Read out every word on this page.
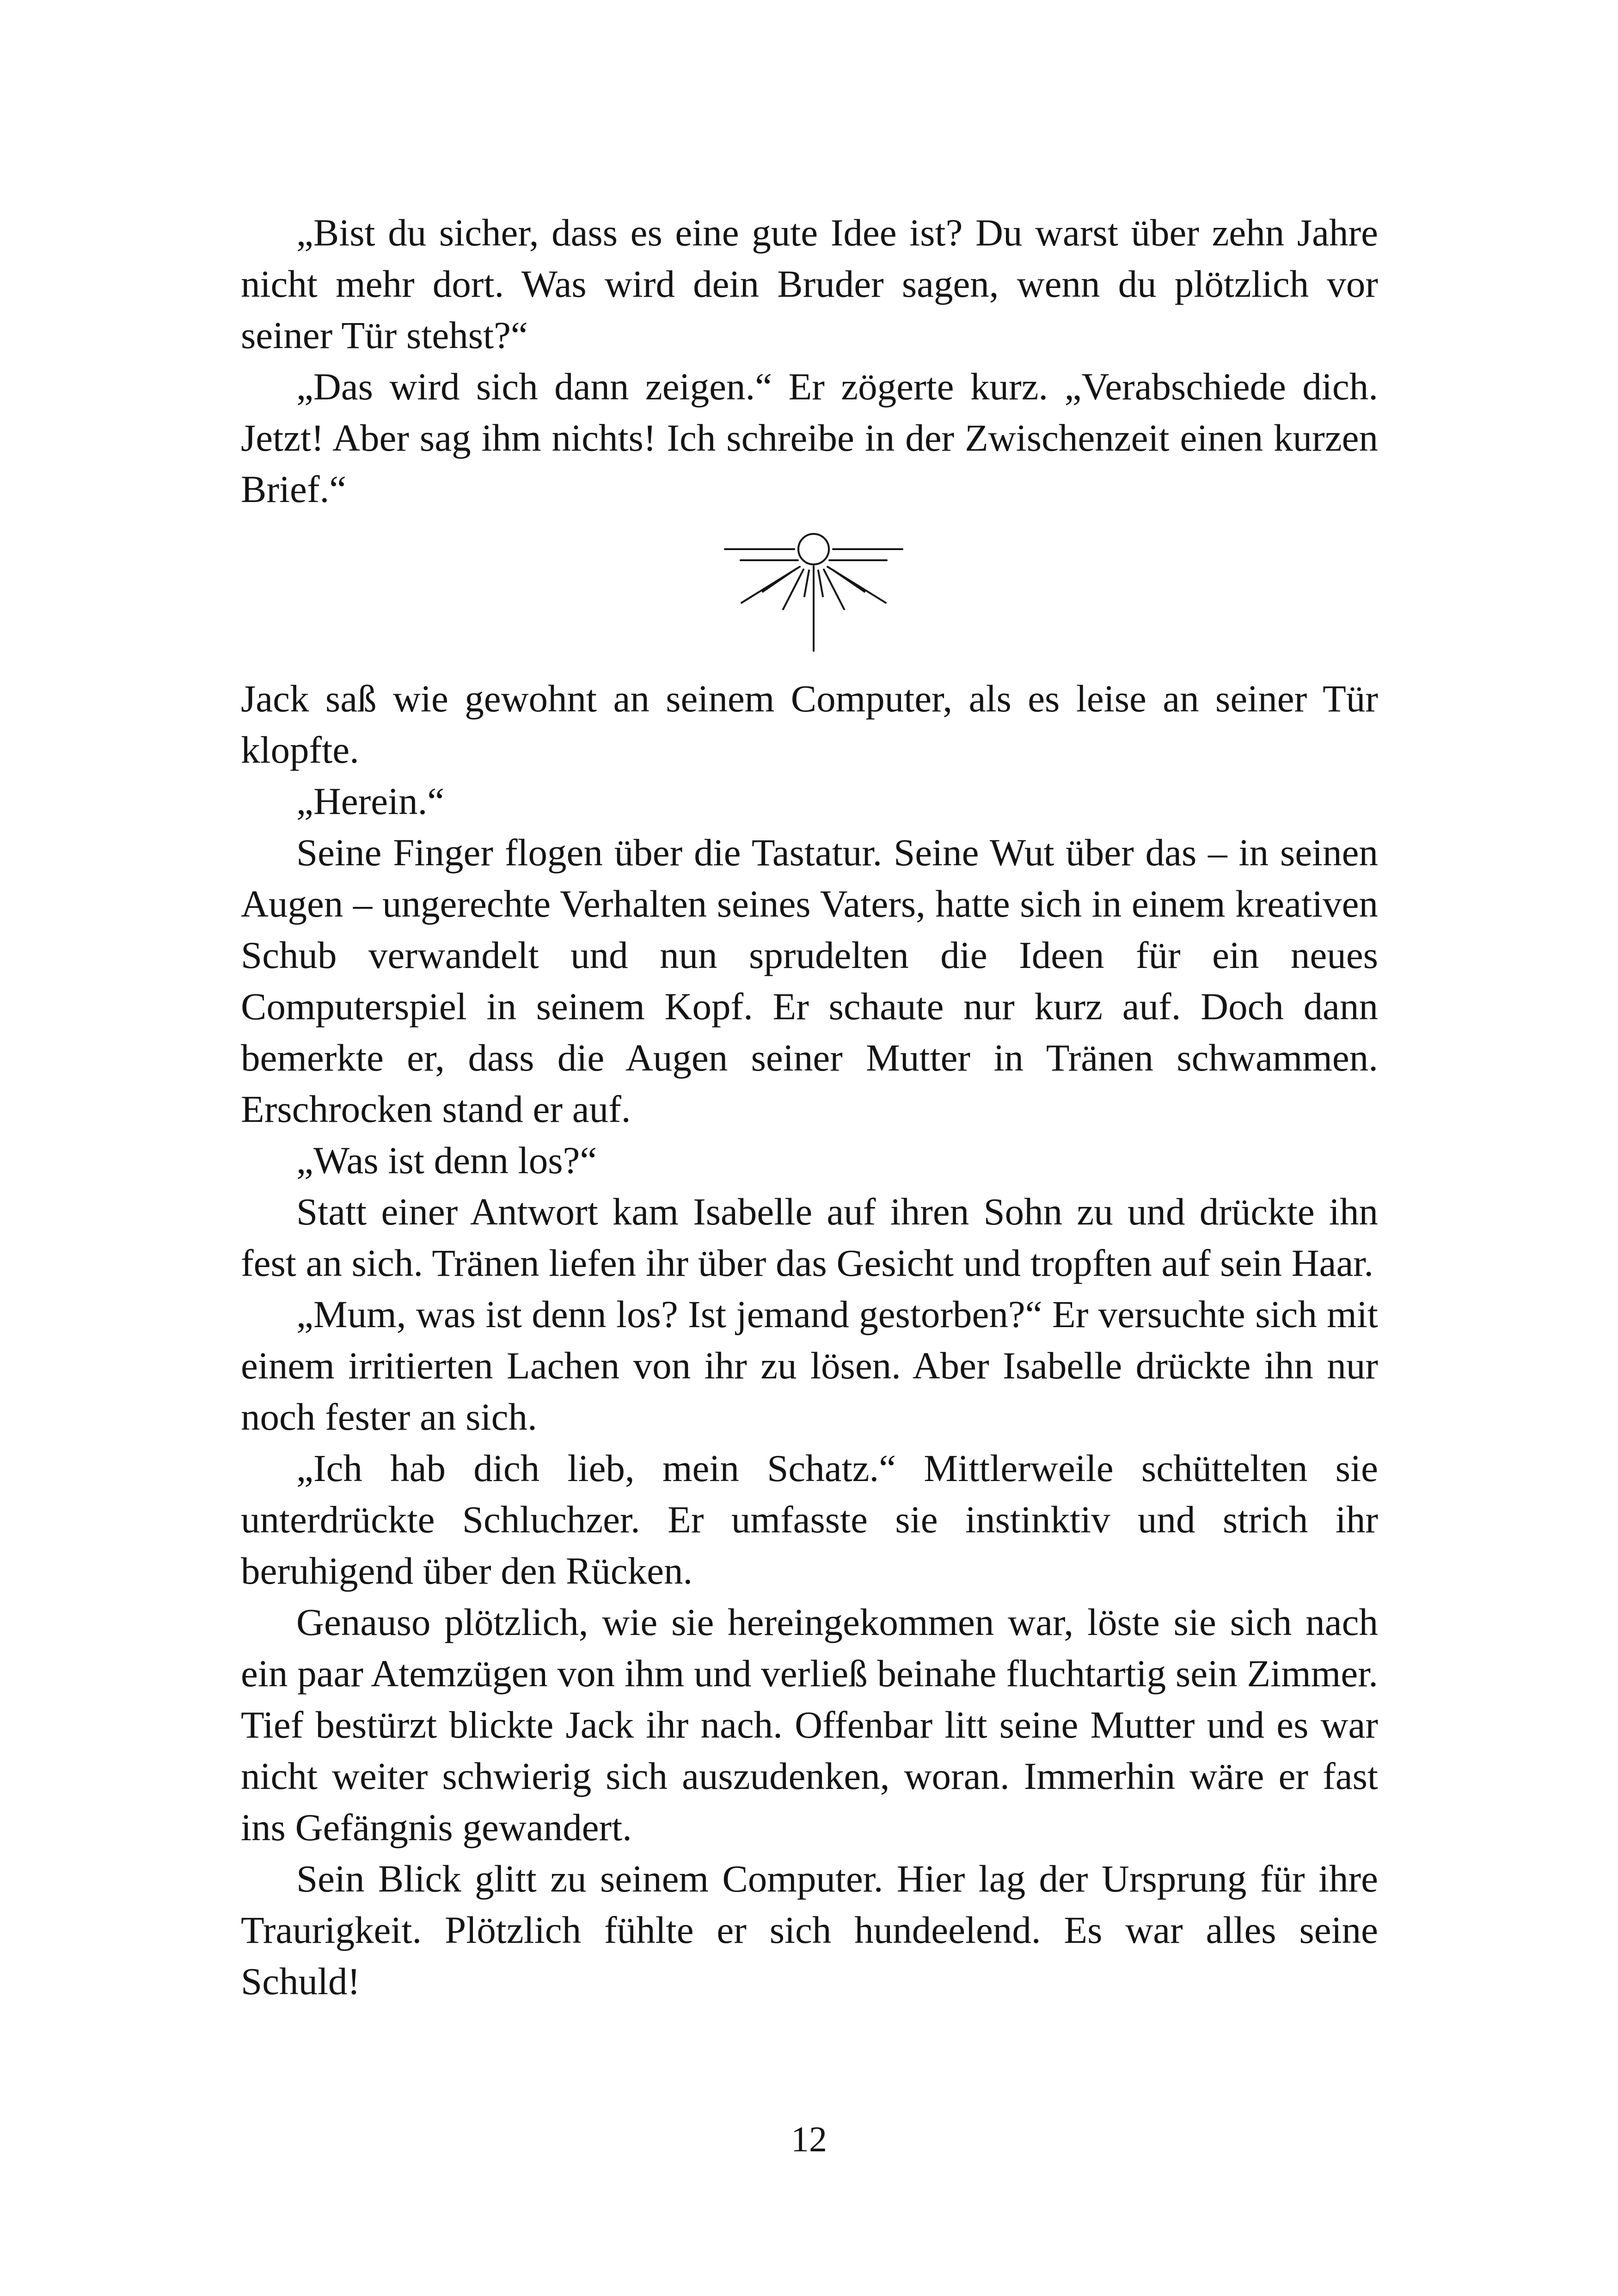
„Bist du sicher, dass es eine gute Idee ist? Du warst über zehn Jahre nicht mehr dort. Was wird dein Bruder sagen, wenn du plötzlich vor seiner Tür stehst?“

„Das wird sich dann zeigen.“ Er zögerte kurz. „Verabschiede dich. Jetzt! Aber sag ihm nichts! Ich schreibe in der Zwischenzeit einen kurzen Brief.“

Jack saß wie gewohnt an seinem Computer, als es leise an seiner Tür klopfte.

„Herein.“

Seine Finger flogen über die Tastatur. Seine Wut über das – in seinen Augen – ungerechte Verhalten seines Vaters, hatte sich in einem kreativen Schub verwandelt und nun sprudelten die Ideen für ein neues Computerspiel in seinem Kopf. Er schaute nur kurz auf. Doch dann bemerkte er, dass die Augen seiner Mutter in Tränen schwammen. Erschrocken stand er auf.

„Was ist denn los?“

Statt einer Antwort kam Isabelle auf ihren Sohn zu und drückte ihn fest an sich. Tränen liefen ihr über das Gesicht und tropften auf sein Haar.

„Mum, was ist denn los? Ist jemand gestorben?“ Er versuchte sich mit einem irritierten Lachen von ihr zu lösen. Aber Isabelle drückte ihn nur noch fester an sich.

„Ich hab dich lieb, mein Schatz.“ Mittlerweile schüttelten sie unterdrückte Schluchzer. Er umfasste sie instinktiv und strich ihr beruhigend über den Rücken.

Genauso plötzlich, wie sie hereingekommen war, löste sie sich nach ein paar Atemzügen von ihm und verließ beinahe fluchtartig sein Zimmer. Tief bestürzt blickte Jack ihr nach. Offenbar litt seine Mutter und es war nicht weiter schwierig sich auszudenken, woran. Immerhin wäre er fast ins Gefängnis gewandert.

Sein Blick glitt zu seinem Computer. Hier lag der Ursprung für ihre Traurigkeit. Plötzlich fühlte er sich hundeelend. Es war alles seine Schuld!

12
